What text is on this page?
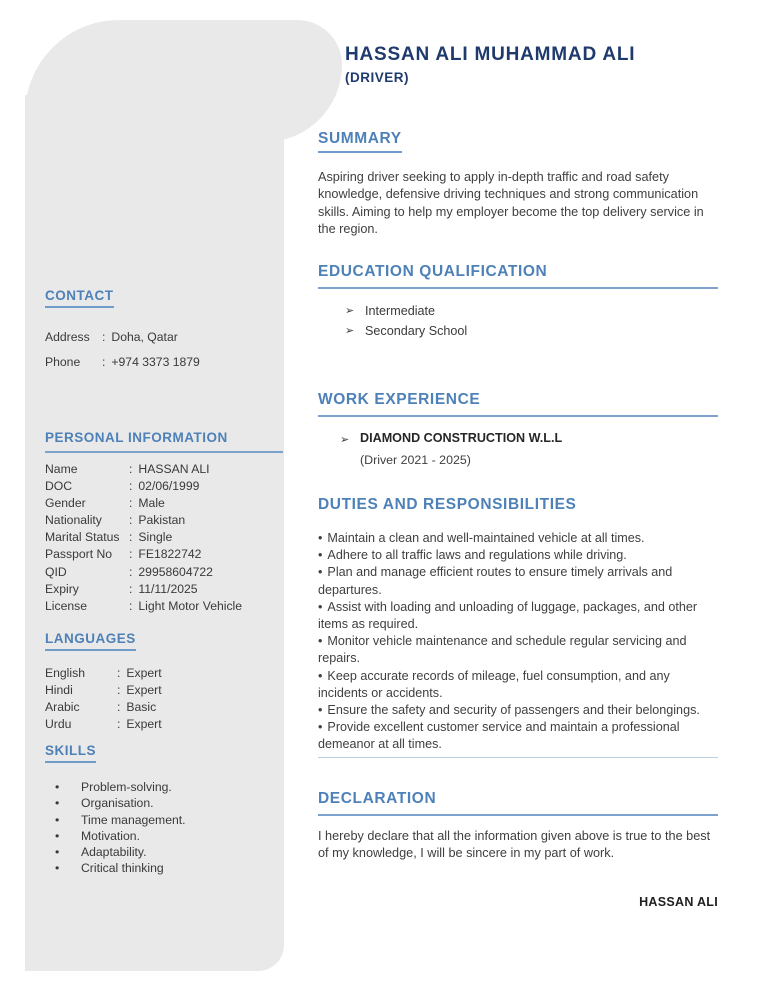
HASSAN ALI MUHAMMAD ALI
(DRIVER)
SUMMARY
Aspiring driver seeking to apply in-depth traffic and road safety knowledge, defensive driving techniques and strong communication skills. Aiming to help my employer become the top delivery service in the region.
EDUCATION QUALIFICATION
➢ Intermediate
➢ Secondary School
WORK EXPERIENCE
➢ DIAMOND CONSTRUCTION W.L.L
(Driver 2021 - 2025)
DUTIES AND RESPONSIBILITIES
• Maintain a clean and well-maintained vehicle at all times.
• Adhere to all traffic laws and regulations while driving.
• Plan and manage efficient routes to ensure timely arrivals and departures.
• Assist with loading and unloading of luggage, packages, and other items as required.
• Monitor vehicle maintenance and schedule regular servicing and repairs.
• Keep accurate records of mileage, fuel consumption, and any incidents or accidents.
• Ensure the safety and security of passengers and their belongings.
• Provide excellent customer service and maintain a professional demeanor at all times.
DECLARATION
I hereby declare that all the information given above is true to the best of my knowledge, I will be sincere in my part of work.
HASSAN ALI
CONTACT
Address	: Doha, Qatar
Phone	: +974 3373 1879
PERSONAL INFORMATION
Name	: HASSAN ALI
DOC	: 02/06/1999
Gender	: Male
Nationality	: Pakistan
Marital Status : Single
Passport No	: FE1822742
QID	: 29958604722
Expiry	: 11/11/2025
License	: Light Motor Vehicle
LANGUAGES
English	: Expert
Hindi	: Expert
Arabic	: Basic
Urdu	: Expert
SKILLS
•	Problem-solving.
•	Organisation.
•	Time management.
•	Motivation.
•	Adaptability.
•	Critical thinking
